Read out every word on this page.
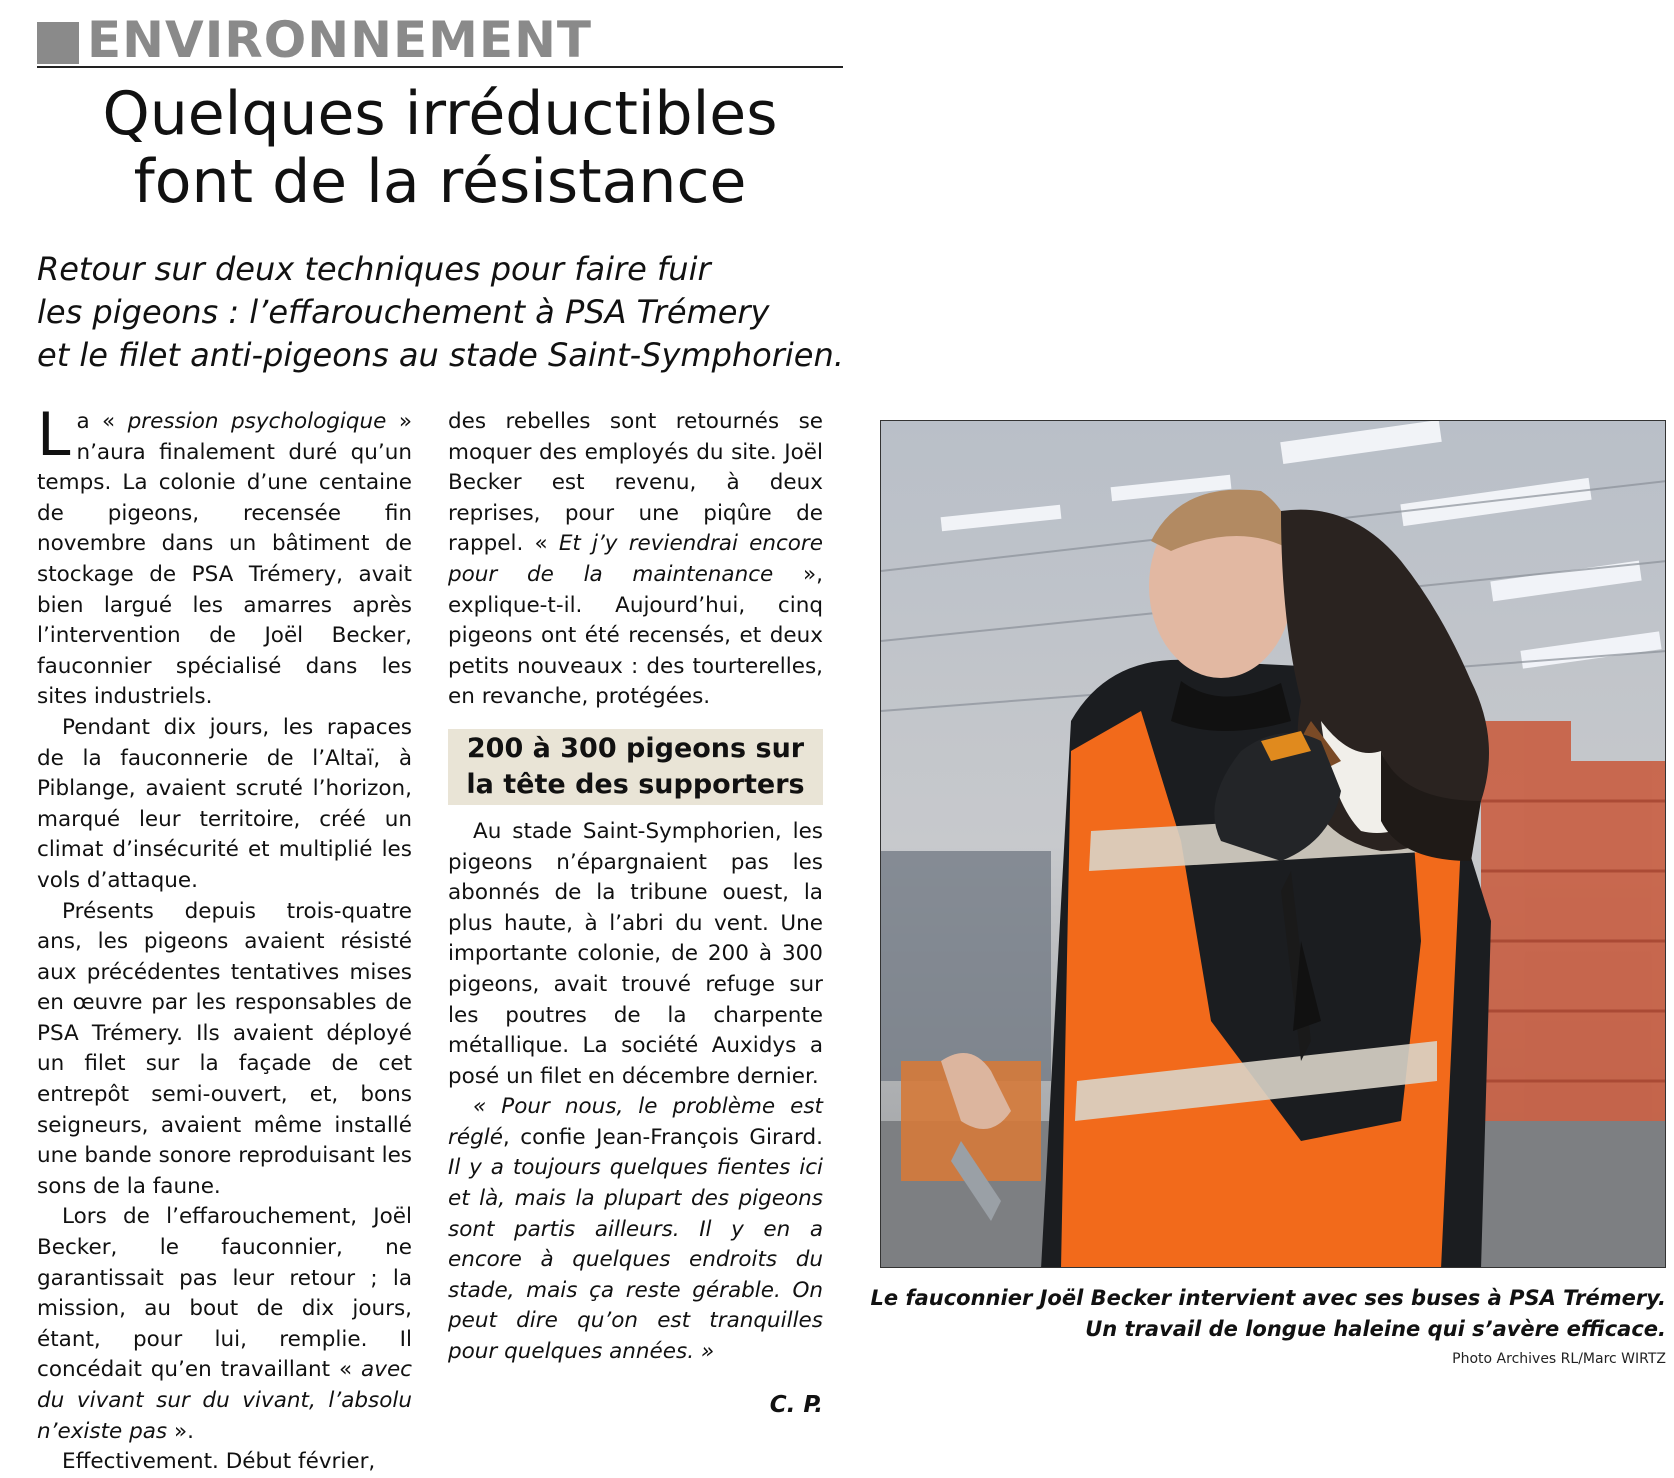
ENVIRONNEMENT
Quelques irréductibles
font de la résistance
Retour sur deux techniques pour faire fuir
les pigeons : l’effarouchement à PSA Trémery
et le filet anti-pigeons au stade Saint-Symphorien.

La « pression psychologique » n’aura finalement duré qu’un temps. La colonie d’une centaine de pigeons, recensée fin novembre dans un bâtiment de stockage de PSA Trémery, avait bien largué les amarres après l’intervention de Joël Becker, fauconnier spécialisé dans les sites industriels.

Pendant dix jours, les rapaces de la fauconnerie de l’Altaï, à Piblange, avaient scruté l’horizon, marqué leur territoire, créé un climat d’insécurité et multiplié les vols d’attaque.

Présents depuis trois-quatre ans, les pigeons avaient résisté aux précédentes tentatives mises en œuvre par les responsables de PSA Trémery. Ils avaient déployé un filet sur la façade de cet entrepôt semi-ouvert, et, bons seigneurs, avaient même installé une bande sonore reproduisant les sons de la faune.

Lors de l’effarouchement, Joël Becker, le fauconnier, ne garantissait pas leur retour ; la mission, au bout de dix jours, étant, pour lui, remplie. Il concédait qu’en travaillant « avec du vivant sur du vivant, l’absolu n’existe pas ».

Effectivement. Début février,

des rebelles sont retournés se moquer des employés du site. Joël Becker est revenu, à deux reprises, pour une piqûre de rappel. « Et j’y reviendrai encore pour de la maintenance », explique-t-il. Aujourd’hui, cinq pigeons ont été recensés, et deux petits nouveaux : des tourterelles, en revanche, protégées.

200 à 300 pigeons sur
la tête des supporters

Au stade Saint-Symphorien, les pigeons n’épargnaient pas les abonnés de la tribune ouest, la plus haute, à l’abri du vent. Une importante colonie, de 200 à 300 pigeons, avait trouvé refuge sur les poutres de la charpente métallique. La société Auxidys a posé un filet en décembre dernier.

« Pour nous, le problème est réglé, confie Jean-François Girard. Il y a toujours quelques fientes ici et là, mais la plupart des pigeons sont partis ailleurs. Il y en a encore à quelques endroits du stade, mais ça reste gérable. On peut dire qu’on est tranquilles pour quelques années. »

C. P.
Le fauconnier Joël Becker intervient avec ses buses à PSA Trémery.
Un travail de longue haleine qui s’avère efficace.
Photo Archives RL/Marc WIRTZ
